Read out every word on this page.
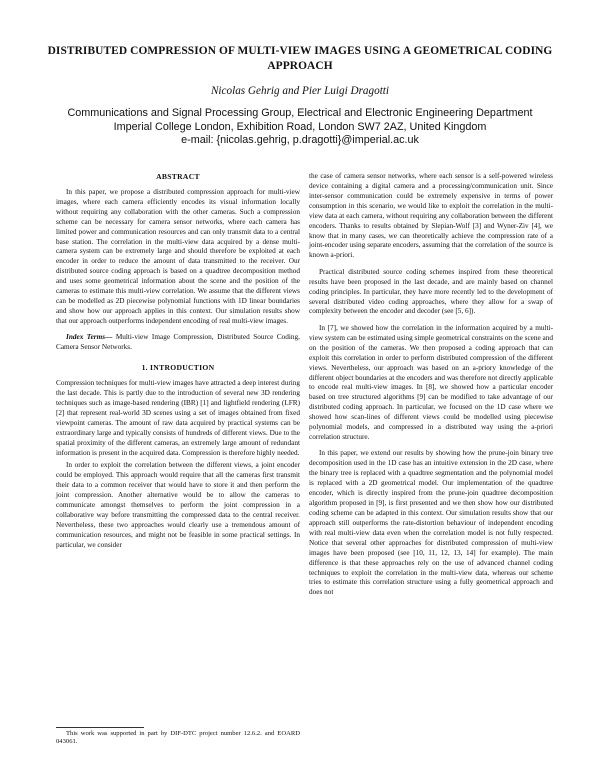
DISTRIBUTED COMPRESSION OF MULTI-VIEW IMAGES USING A GEOMETRICAL CODING APPROACH
Nicolas Gehrig and Pier Luigi Dragotti
Communications and Signal Processing Group, Electrical and Electronic Engineering Department
Imperial College London, Exhibition Road, London SW7 2AZ, United Kingdom
e-mail: {nicolas.gehrig, p.dragotti}@imperial.ac.uk
ABSTRACT

In this paper, we propose a distributed compression approach for multi-view images, where each camera efficiently encodes its visual information locally without requiring any collaboration with the other cameras. Such a compression scheme can be necessary for camera sensor networks, where each camera has limited power and communication resources and can only transmit data to a central base station. The correlation in the multi-view data acquired by a dense multi-camera system can be extremely large and should therefore be exploited at each encoder in order to reduce the amount of data transmitted to the receiver. Our distributed source coding approach is based on a quadtree decomposition method and uses some geometrical information about the scene and the position of the cameras to estimate this multi-view correlation. We assume that the different views can be modelled as 2D piecewise polynomial functions with 1D linear boundaries and show how our approach applies in this context. Our simulation results show that our approach outperforms independent encoding of real multi-view images.

Index Terms— Multi-view Image Compression, Distributed Source Coding, Camera Sensor Networks.

1. INTRODUCTION

Compression techniques for multi-view images have attracted a deep interest during the last decade. This is partly due to the introduction of several new 3D rendering techniques such as image-based rendering (IBR) [1] and lightfield rendering (LFR) [2] that represent real-world 3D scenes using a set of images obtained from fixed viewpoint cameras. The amount of raw data acquired by practical systems can be extraordinary large and typically consists of hundreds of different views. Due to the spatial proximity of the different cameras, an extremely large amount of redundant information is present in the acquired data. Compression is therefore highly needed.

In order to exploit the correlation between the different views, a joint encoder could be employed. This approach would require that all the cameras first transmit their data to a common receiver that would have to store it and then perform the joint compression. Another alternative would be to allow the cameras to communicate amongst themselves to perform the joint compression in a collaborative way before transmitting the compressed data to the central receiver. Nevertheless, these two approaches would clearly use a tremendous amount of communication resources, and might not be feasible in some practical settings. In particular, we consider

This work was supported in part by DIF-DTC project number 12.6.2. and EOARD 043061.

the case of camera sensor networks, where each sensor is a self-powered wireless device containing a digital camera and a processing/communication unit. Since inter-sensor communication could be extremely expensive in terms of power consumption in this scenario, we would like to exploit the correlation in the multi-view data at each camera, without requiring any collaboration between the different encoders. Thanks to results obtained by Slepian-Wolf [3] and Wyner-Ziv [4], we know that in many cases, we can theoretically achieve the compression rate of a joint-encoder using separate encoders, assuming that the correlation of the source is known a-priori.

Practical distributed source coding schemes inspired from these theoretical results have been proposed in the last decade, and are mainly based on channel coding principles. In particular, they have more recently led to the development of several distributed video coding approaches, where they allow for a swap of complexity between the encoder and decoder (see [5, 6]).

In [7], we showed how the correlation in the information acquired by a multi-view system can be estimated using simple geometrical constraints on the scene and on the position of the cameras. We then proposed a coding approach that can exploit this correlation in order to perform distributed compression of the different views. Nevertheless, our approach was based on an a-priory knowledge of the different object boundaries at the encoders and was therefore not directly applicable to encode real multi-view images. In [8], we showed how a particular encoder based on tree structured algorithms [9] can be modified to take advantage of our distributed coding approach. In particular, we focused on the 1D case where we showed how scan-lines of different views could be modelled using piecewise polynomial models, and compressed in a distributed way using the a-priori correlation structure.

In this paper, we extend our results by showing how the prune-join binary tree decomposition used in the 1D case has an intuitive extension in the 2D case, where the binary tree is replaced with a quadtree segmentation and the polynomial model is replaced with a 2D geometrical model. Our implementation of the quadtree encoder, which is directly inspired from the prune-join quadtree decomposition algorithm proposed in [9], is first presented and we then show how our distributed coding scheme can be adapted in this context. Our simulation results show that our approach still outperforms the rate-distortion behaviour of independent encoding with real multi-view data even when the correlation model is not fully respected. Notice that several other approaches for distributed compression of multi-view images have been proposed (see [10, 11, 12, 13, 14] for example). The main difference is that these approaches rely on the use of advanced channel coding techniques to exploit the correlation in the multi-view data, whereas our scheme tries to estimate this correlation structure using a fully geometrical approach and does not
